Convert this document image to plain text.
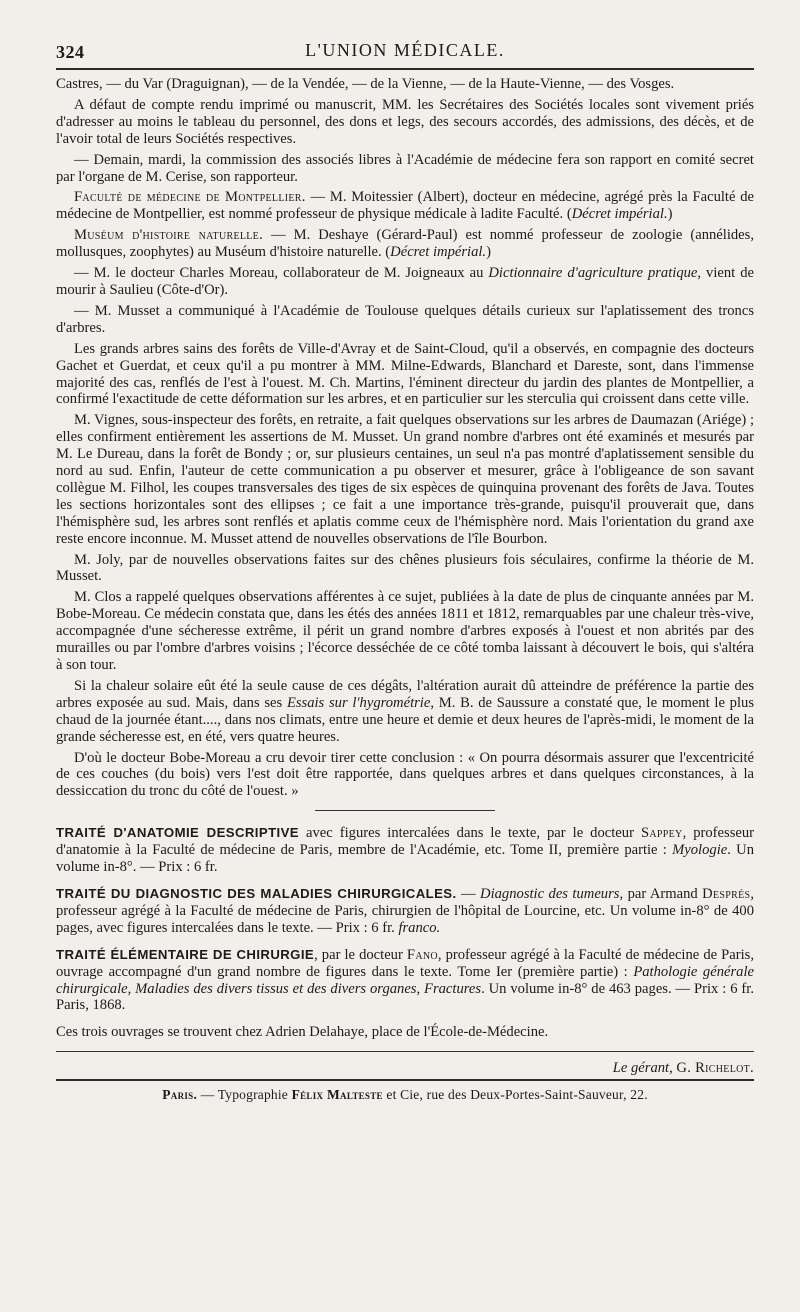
324	L'UNION MÉDICALE.

Castres, — du Var (Draguignan), — de la Vendée, — de la Vienne, — de la Haute-Vienne, — des Vosges.

A défaut de compte rendu imprimé ou manuscrit, MM. les Secrétaires des Sociétés locales sont vivement priés d'adresser au moins le tableau du personnel, des dons et legs, des secours accordés, des admissions, des décès, et de l'avoir total de leurs Sociétés respectives.

— Demain, mardi, la commission des associés libres à l'Académie de médecine fera son rapport en comité secret par l'organe de M. Cerise, son rapporteur.

Faculté de médecine de Montpellier. — M. Moitessier (Albert), docteur en médecine, agrégé près la Faculté de médecine de Montpellier, est nommé professeur de physique médicale à ladite Faculté. (Décret impérial.)

Muséum d'histoire naturelle. — M. Deshaye (Gérard-Paul) est nommé professeur de zoologie (annélides, mollusques, zoophytes) au Muséum d'histoire naturelle. (Décret impérial.)

— M. le docteur Charles Moreau, collaborateur de M. Joigneaux au Dictionnaire d'agriculture pratique, vient de mourir à Saulieu (Côte-d'Or).

— M. Musset a communiqué à l'Académie de Toulouse quelques détails curieux sur l'aplatissement des troncs d'arbres.

Les grands arbres sains des forêts de Ville-d'Avray et de Saint-Cloud, qu'il a observés, en compagnie des docteurs Gachet et Guerdat, et ceux qu'il a pu montrer à MM. Milne-Edwards, Blanchard et Dareste, sont, dans l'immense majorité des cas, renflés de l'est à l'ouest. M. Ch. Martins, l'éminent directeur du jardin des plantes de Montpellier, a confirmé l'exactitude de cette déformation sur les arbres, et en particulier sur les sterculia qui croissent dans cette ville.

M. Vignes, sous-inspecteur des forêts, en retraite, a fait quelques observations sur les arbres de Daumazan (Ariége) ; elles confirment entièrement les assertions de M. Musset. Un grand nombre d'arbres ont été examinés et mesurés par M. Le Dureau, dans la forêt de Bondy ; or, sur plusieurs centaines, un seul n'a pas montré d'aplatissement sensible du nord au sud. Enfin, l'auteur de cette communication a pu observer et mesurer, grâce à l'obligeance de son savant collègue M. Filhol, les coupes transversales des tiges de six espèces de quinquina provenant des forêts de Java. Toutes les sections horizontales sont des ellipses ; ce fait a une importance très-grande, puisqu'il prouverait que, dans l'hémisphère sud, les arbres sont renflés et aplatis comme ceux de l'hémisphère nord. Mais l'orientation du grand axe reste encore inconnue. M. Musset attend de nouvelles observations de l'île Bourbon.

M. Joly, par de nouvelles observations faites sur des chênes plusieurs fois séculaires, confirme la théorie de M. Musset.

M. Clos a rappelé quelques observations afférentes à ce sujet, publiées à la date de plus de cinquante années par M. Bobe-Moreau. Ce médecin constata que, dans les étés des années 1811 et 1812, remarquables par une chaleur très-vive, accompagnée d'une sécheresse extrême, il périt un grand nombre d'arbres exposés à l'ouest et non abrités par des murailles ou par l'ombre d'arbres voisins ; l'écorce desséchée de ce côté tomba laissant à découvert le bois, qui s'altéra à son tour.

Si la chaleur solaire eût été la seule cause de ces dégâts, l'altération aurait dû atteindre de préférence la partie des arbres exposée au sud. Mais, dans ses Essais sur l'hygrométrie, M. B. de Saussure a constaté que, le moment le plus chaud de la journée étant...., dans nos climats, entre une heure et demie et deux heures de l'après-midi, le moment de la grande sécheresse est, en été, vers quatre heures.

D'où le docteur Bobe-Moreau a cru devoir tirer cette conclusion : « On pourra désormais assurer que l'excentricité de ces couches (du bois) vers l'est doit être rapportée, dans quelques arbres et dans quelques circonstances, à la dessiccation du tronc du côté de l'ouest. »

TRAITÉ D'ANATOMIE DESCRIPTIVE avec figures intercalées dans le texte, par le docteur Sappey, professeur d'anatomie à la Faculté de médecine de Paris, membre de l'Académie, etc. Tome II, première partie : Myologie. Un volume in-8°. — Prix : 6 fr.

TRAITÉ DU DIAGNOSTIC DES MALADIES CHIRURGICALES. — Diagnostic des tumeurs, par Armand Després, professeur agrégé à la Faculté de médecine de Paris, chirurgien de l'hôpital de Lourcine, etc. Un volume in-8° de 400 pages, avec figures intercalées dans le texte. — Prix : 6 fr. franco.

TRAITÉ ÉLÉMENTAIRE DE CHIRURGIE, par le docteur Fano, professeur agrégé à la Faculté de médecine de Paris, ouvrage accompagné d'un grand nombre de figures dans le texte. Tome Ier (première partie) : Pathologie générale chirurgicale, Maladies des divers tissus et des divers organes, Fractures. Un volume in-8° de 463 pages. — Prix : 6 fr. Paris, 1868.

Ces trois ouvrages se trouvent chez Adrien Delahaye, place de l'École-de-Médecine.

Le gérant, G. Richelot.
Paris. — Typographie Félix Malteste et Cie, rue des Deux-Portes-Saint-Sauveur, 22.
